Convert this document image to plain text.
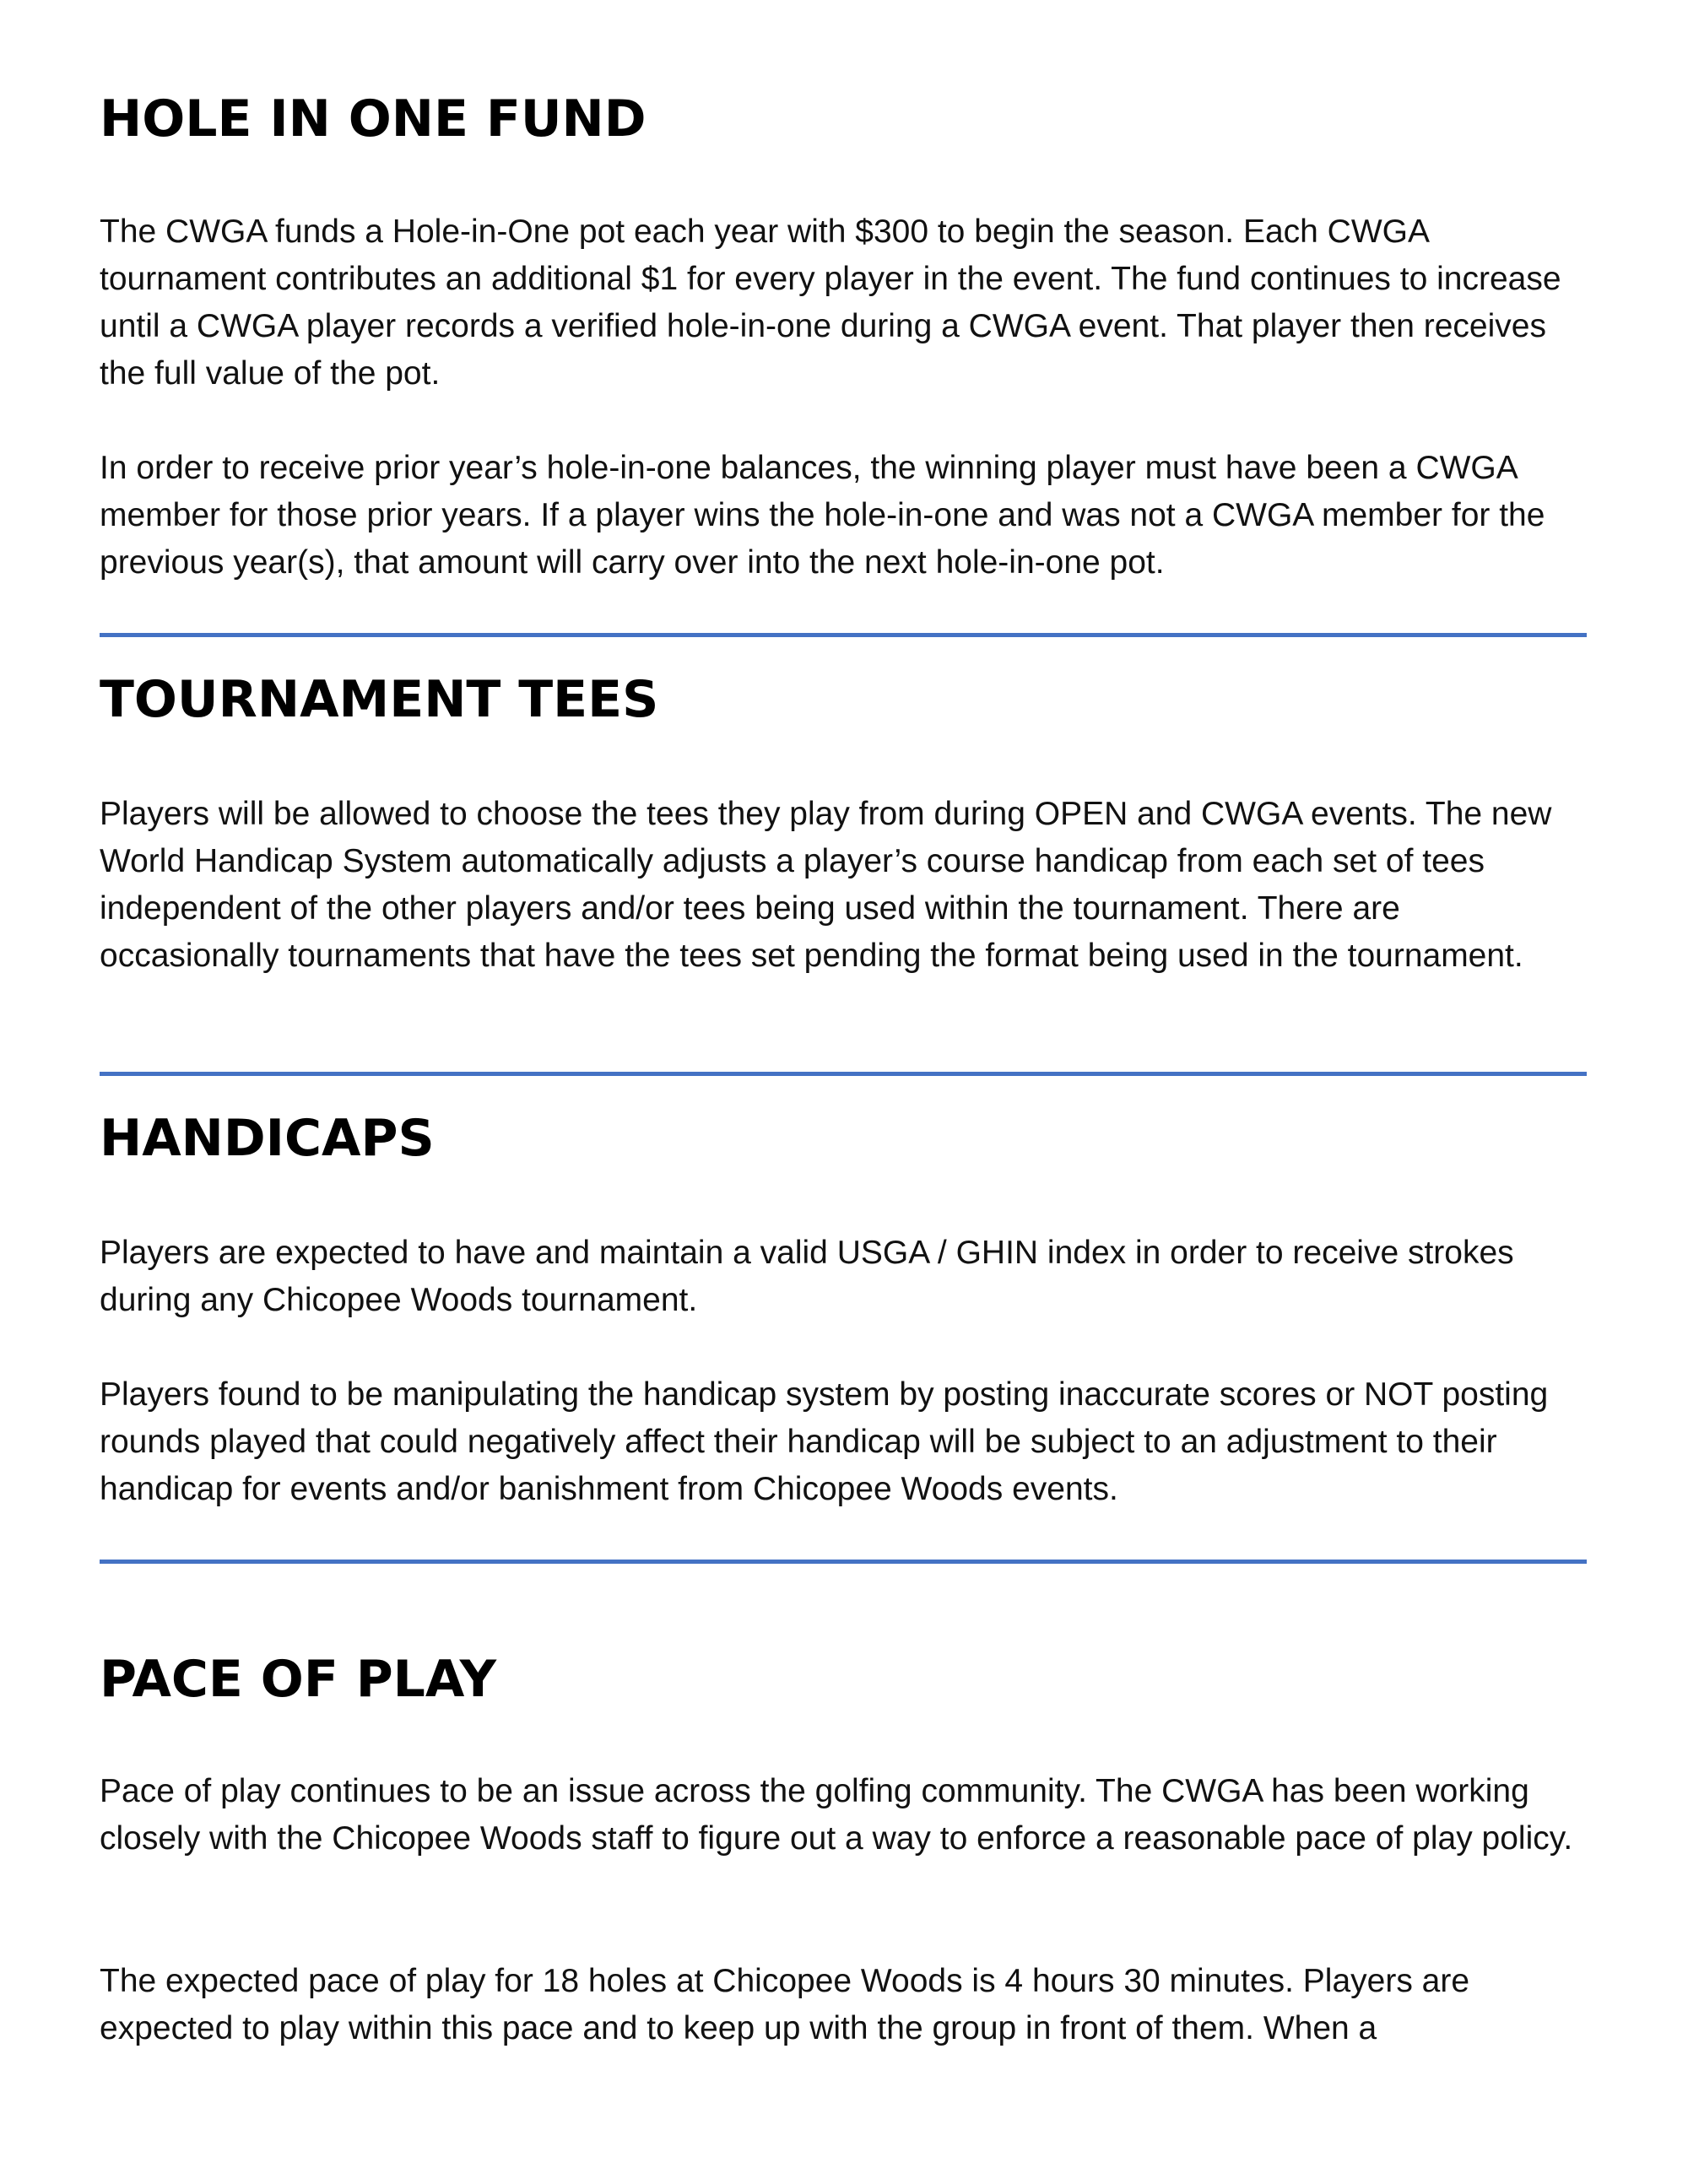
HOLE IN ONE FUND

The CWGA funds a Hole-in-One pot each year with $300 to begin the season. Each CWGA tournament contributes an additional $1 for every player in the event. The fund continues to increase until a CWGA player records a verified hole-in-one during a CWGA event. That player then receives the full value of the pot.

In order to receive prior year’s hole-in-one balances, the winning player must have been a CWGA member for those prior years. If a player wins the hole-in-one and was not a CWGA member for the previous year(s), that amount will carry over into the next hole-in-one pot.

TOURNAMENT TEES

Players will be allowed to choose the tees they play from during OPEN and CWGA events. The new World Handicap System automatically adjusts a player’s course handicap from each set of tees independent of the other players and/or tees being used within the tournament. There are occasionally tournaments that have the tees set pending the format being used in the tournament.

HANDICAPS

Players are expected to have and maintain a valid USGA / GHIN index in order to receive strokes during any Chicopee Woods tournament.

Players found to be manipulating the handicap system by posting inaccurate scores or NOT posting rounds played that could negatively affect their handicap will be subject to an adjustment to their handicap for events and/or banishment from Chicopee Woods events.

PACE OF PLAY

Pace of play continues to be an issue across the golfing community. The CWGA has been working closely with the Chicopee Woods staff to figure out a way to enforce a reasonable pace of play policy.

The expected pace of play for 18 holes at Chicopee Woods is 4 hours 30 minutes. Players are expected to play within this pace and to keep up with the group in front of them. When a
